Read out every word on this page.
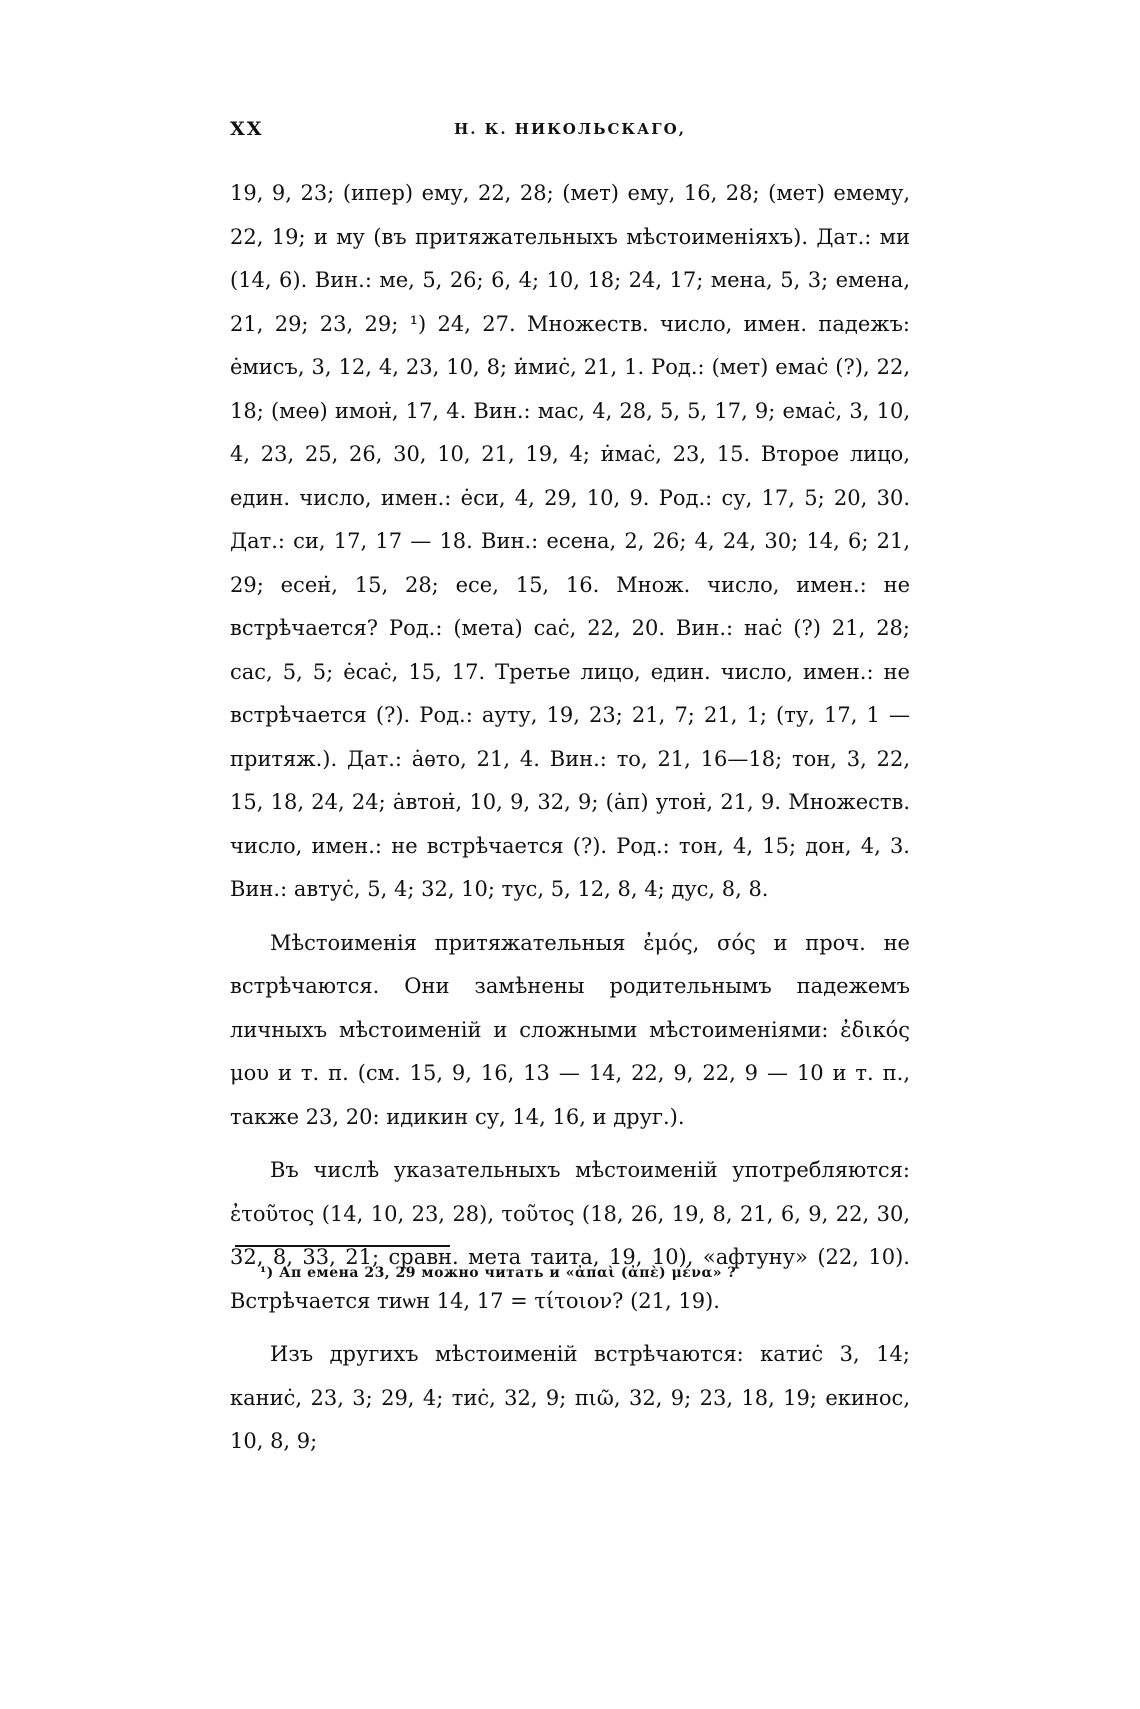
XX	Н. К. НИКОЛЬСКАГО,

19, 9, 23; (ипер) ему, 22, 28; (мет) ему, 16, 28; (мет) емему, 22, 19; и му (въ притяжательныхъ мѣстоименіяхъ). Дат.: ми (14, 6). Вин.: ме, 5, 26; 6, 4; 10, 18; 24, 17; мена, 5, 3; емена, 21, 29; 23, 29; ¹) 24, 27. Множеств. число, имен. падежъ: е̇мисъ, 3, 12, 4, 23, 10, 8; и̇мис̇, 21, 1. Род.: (мет) емас̇ (?), 22, 18; (меѳ) имон̇, 17, 4. Вин.: мас, 4, 28, 5, 5, 17, 9; емас̇, 3, 10, 4, 23, 25, 26, 30, 10, 21, 19, 4; и̇мас̇, 23, 15. Второе лицо, един. число, имен.: е̇си, 4, 29, 10, 9. Род.: су, 17, 5; 20, 30. Дат.: си, 17, 17 — 18. Вин.: есена, 2, 26; 4, 24, 30; 14, 6; 21, 29; есен̇, 15, 28; есе, 15, 16. Множ. число, имен.: не встрѣчается? Род.: (мета) сас̇, 22, 20. Вин.: нас̇ (?) 21, 28; сас, 5, 5; е̇сас̇, 15, 17. Третье лицо, един. число, имен.: не встрѣчается (?). Род.: ауту, 19, 23; 21, 7; 21, 1; (ту, 17, 1 — притяж.). Дат.: а̇ѳто, 21, 4. Вин.: то, 21, 16—18; тон, 3, 22, 15, 18, 24, 24; а̇втон̇, 10, 9, 32, 9; (а̇п) утон̇, 21, 9. Множеств. число, имен.: не встрѣчается (?). Род.: тон, 4, 15; дон, 4, 3. Вин.: автус̇, 5, 4; 32, 10; тус, 5, 12, 8, 4; дус, 8, 8.

Мѣстоименія притяжательныя ἐμός, σός и проч. не встрѣчаются. Они замѣнены родительнымъ падежемъ личныхъ мѣстоименій и сложными мѣстоименіями: ἐδικός μου и т. п. (см. 15, 9, 16, 13 — 14, 22, 9, 22, 9 — 10 и т. п., также 23, 20: идикин су, 14, 16, и друг.).

Въ числѣ указательныхъ мѣстоименій употребляются: ἐτοῦτος (14, 10, 23, 28), τοῦτος (18, 26, 19, 8, 21, 6, 9, 22, 30, 32, 8, 33, 21; сравн. мета таита, 19, 10), «афтуну» (22, 10). Встрѣчается тиѡн 14, 17 = τίτοιον? (21, 19).

Изъ другихъ мѣстоименій встрѣчаются: катис̇ 3, 14; канис̇, 23, 3; 29, 4; тис̇, 32, 9; πιῶ, 32, 9; 23, 18, 19; екинос, 10, 8, 9;

¹) Ап емена 23, 29 можно читать и «ἀπαὶ (ἀπὲ) μένα» ?
